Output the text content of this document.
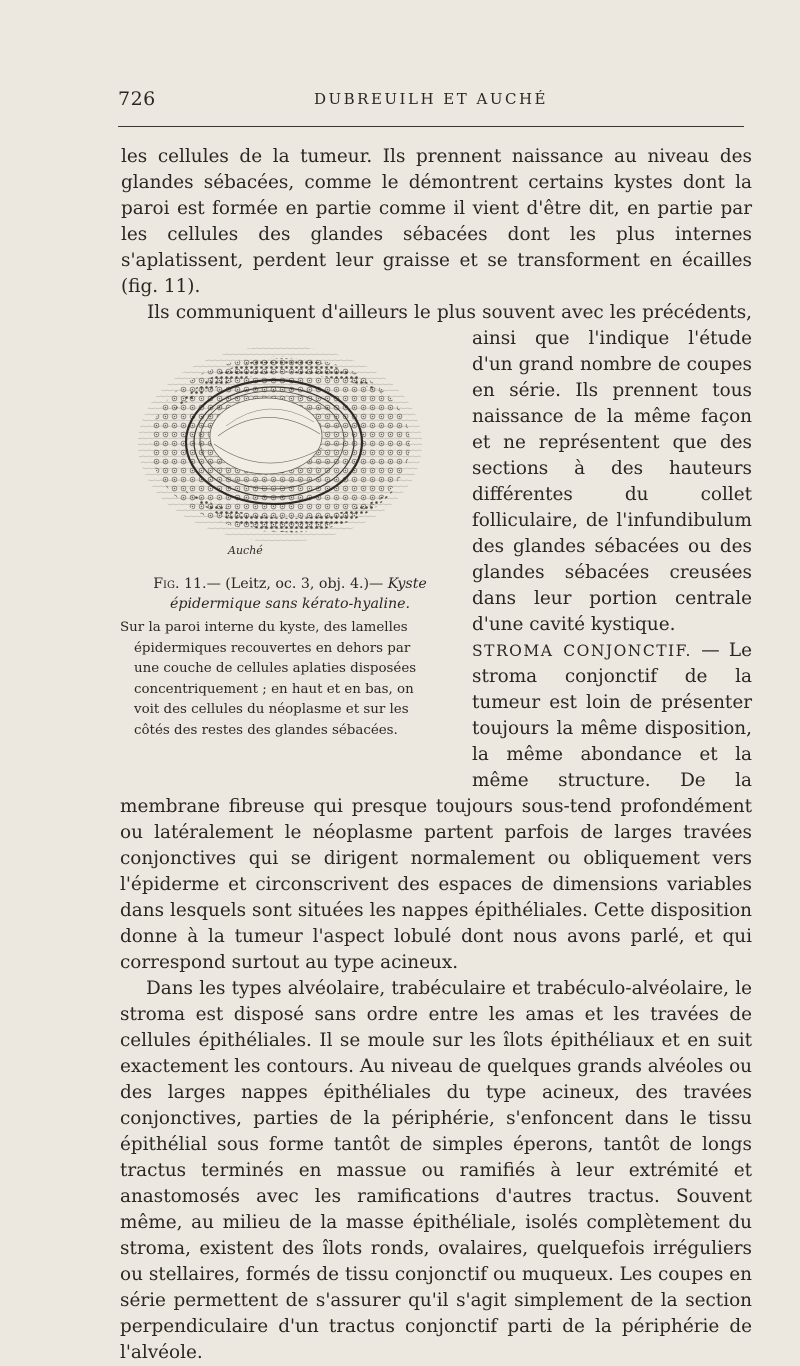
726	DUBREUILH ET AUCHÉ

les cellules de la tumeur. Ils prennent naissance au niveau des glandes sébacées, comme le démontrent certains kystes dont la paroi est formée en partie comme il vient d'être dit, en partie par les cellules des glandes sébacées dont les plus internes s'aplatissent, perdent leur graisse et se transforment en écailles (fig. 11).

Ils communiquent d'ailleurs le plus souvent avec les précédents, ainsi que l'indique l'étude d'un grand nombre de coupes en série. Ils prennent tous naissance de la même façon et ne représentent que des sections à des hauteurs différentes du collet folliculaire, de l'infundibulum des glandes sébacées ou des glandes sébacées creusées dans leur portion centrale d'une cavité kystique.

STROMA CONJONCTIF. — Le stroma conjonctif de la tumeur est loin de présenter toujours la même disposition, la même abondance et la même structure. De la membrane fibreuse qui presque toujours sous-tend profondément ou latéralement le néoplasme partent parfois de larges travées conjonctives qui se dirigent normalement ou obliquement vers l'épiderme et circonscrivent des espaces de dimensions variables dans lesquels sont situées les nappes épithéliales. Cette disposition donne à la tumeur l'aspect lobulé dont nous avons parlé, et qui correspond surtout au type acineux.

Dans les types alvéolaire, trabéculaire et trabéculo-alvéolaire, le stroma est disposé sans ordre entre les amas et les travées de cellules épithéliales. Il se moule sur les îlots épithéliaux et en suit exactement les contours. Au niveau de quelques grands alvéoles ou des larges nappes épithéliales du type acineux, des travées conjonctives, parties de la périphérie, s'enfoncent dans le tissu épithélial sous forme tantôt de simples éperons, tantôt de longs tractus terminés en massue ou ramifiés à leur extrémité et anastomosés avec les ramifications d'autres tractus. Souvent même, au milieu de la masse épithéliale, isolés complètement du stroma, existent des îlots ronds, ovalaires, quelquefois irréguliers ou stellaires, formés de tissu conjonctif ou muqueux. Les coupes en série permettent de s'assurer qu'il s'agit simplement de la section perpendiculaire d'un tractus conjonctif parti de la périphérie de l'alvéole.

Auché
Fig. 11.— (Leitz, oc. 3, obj. 4.)— Kyste épidermique sans kérato-hyaline.
Sur la paroi interne du kyste, des lamelles
épidermiques recouvertes en dehors par
une couche de cellules aplaties disposées
concentriquement ; en haut et en bas, on
voit des cellules du néoplasme et sur les
côtés des restes des glandes sébacées.
